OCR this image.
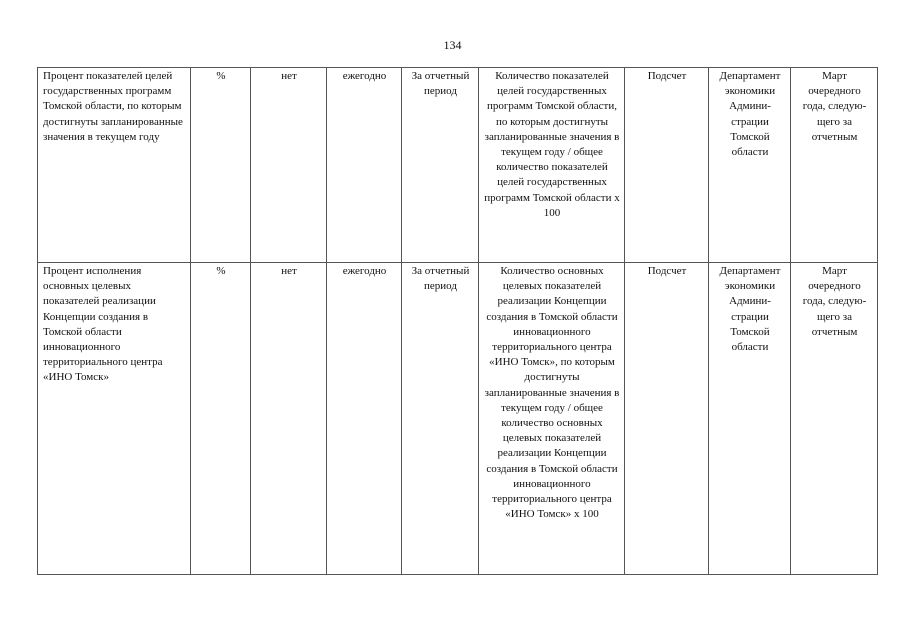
134
Процент показателей целей государственных программ Томской области, по которым достигнуты запланированные значения в текущем году	%	нет	ежегодно	За отчетный период	Количество показателей целей государственных программ Томской области, по которым достигнуты запланированные значения в текущем году / общее количество показателей целей государственных программ Томской области х 100	Подсчет	Департамент экономики Админи-страции Томской области	Март очередного года, следую-щего за отчетным
Процент исполнения основных целевых показателей реализации Концепции создания в Томской области инновационного территориального центра «ИНО Томск»	%	нет	ежегодно	За отчетный период	Количество основных целевых показателей реализации Концепции создания в Томской области инновационного территориального центра «ИНО Томск», по которым достигнуты запланированные значения в текущем году / общее количество основных целевых показателей реализации Концепции создания в Томской области инновационного территориального центра «ИНО Томск» х 100	Подсчет	Департамент экономики Админи-страции Томской области	Март очередного года, следую-щего за отчетным
